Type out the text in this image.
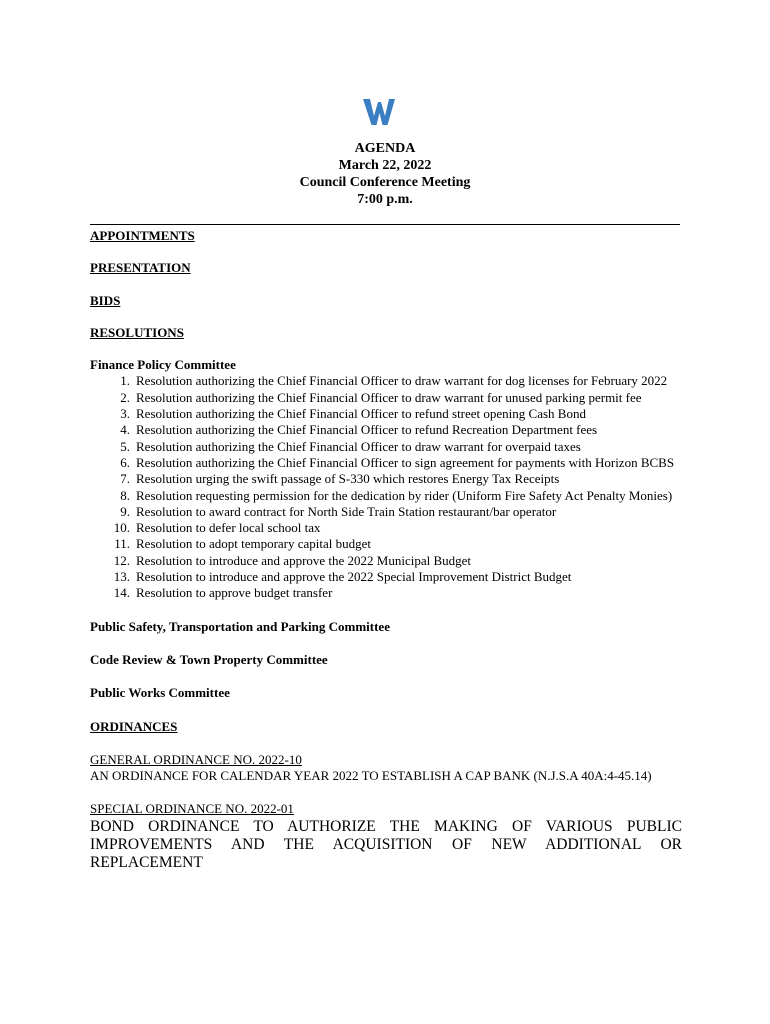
AGENDA
March 22, 2022
Council Conference Meeting
7:00 p.m.

APPOINTMENTS

PRESENTATION

BIDS

RESOLUTIONS

Finance Policy Committee

1. Resolution authorizing the Chief Financial Officer to draw warrant for dog licenses for February 2022
2. Resolution authorizing the Chief Financial Officer to draw warrant for unused parking permit fee
3. Resolution authorizing the Chief Financial Officer to refund street opening Cash Bond
4. Resolution authorizing the Chief Financial Officer to refund Recreation Department fees
5. Resolution authorizing the Chief Financial Officer to draw warrant for overpaid taxes
6. Resolution authorizing the Chief Financial Officer to sign agreement for payments with Horizon BCBS
7. Resolution urging the swift passage of S-330 which restores Energy Tax Receipts
8. Resolution requesting permission for the dedication by rider (Uniform Fire Safety Act Penalty Monies)
9. Resolution to award contract for North Side Train Station restaurant/bar operator
10. Resolution to defer local school tax
11. Resolution to adopt temporary capital budget
12. Resolution to introduce and approve the 2022 Municipal Budget
13. Resolution to introduce and approve the 2022 Special Improvement District Budget
14. Resolution to approve budget transfer

Public Safety, Transportation and Parking Committee

Code Review & Town Property Committee

Public Works Committee

ORDINANCES

GENERAL ORDINANCE NO. 2022-10

AN ORDINANCE FOR CALENDAR YEAR 2022 TO ESTABLISH A CAP BANK (N.J.S.A 40A:4-45.14)

SPECIAL ORDINANCE NO. 2022-01

BOND ORDINANCE TO AUTHORIZE THE MAKING OF VARIOUS PUBLIC

IMPROVEMENTS AND THE ACQUISITION OF NEW ADDITIONAL OR REPLACEMENT
